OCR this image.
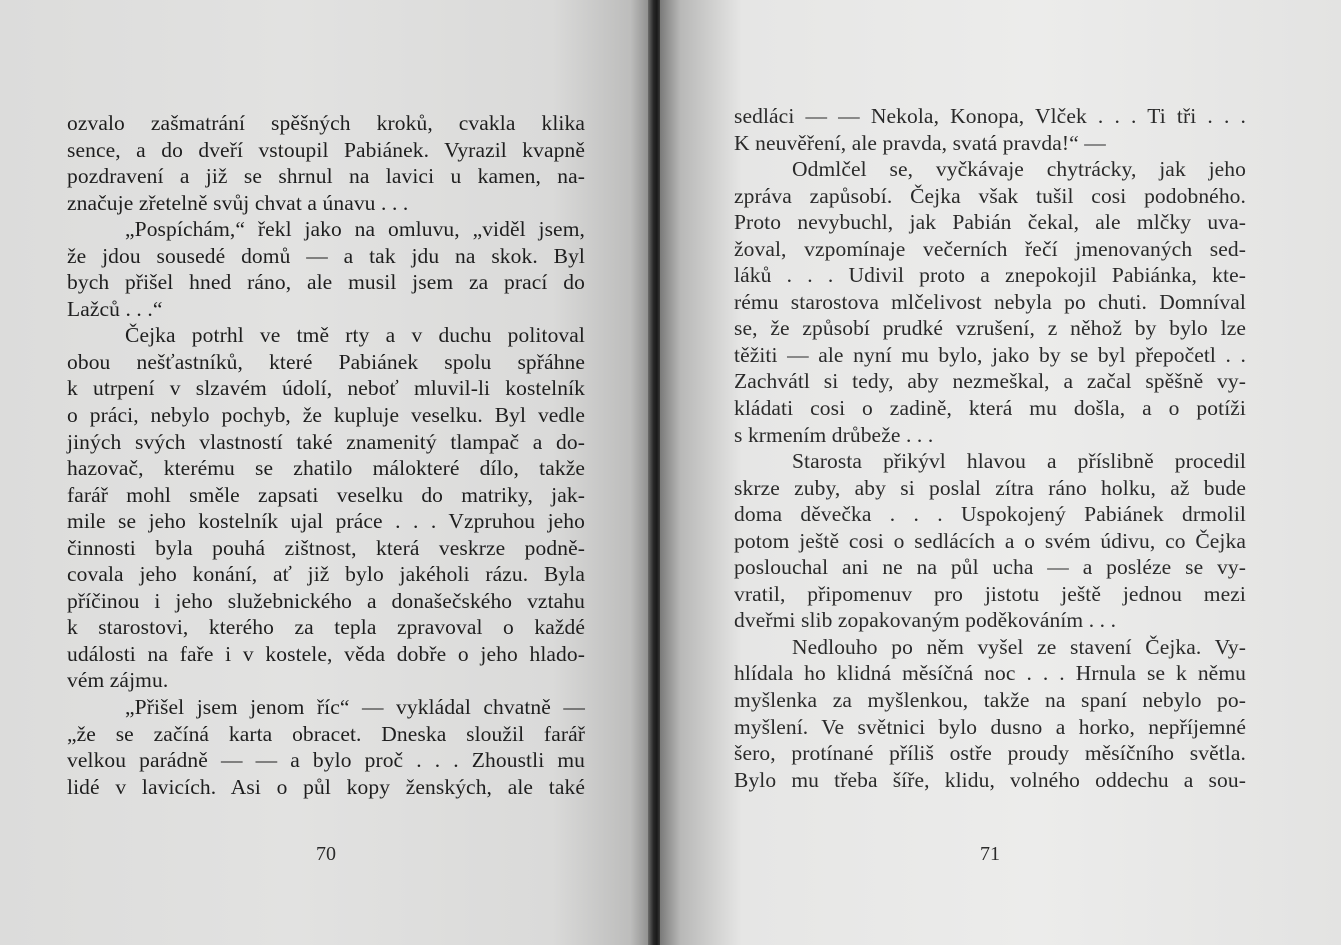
ozvalo zašmatrání spěšných kroků, cvakla klika
sence, a do dveří vstoupil Pabiánek. Vyrazil kvapně
pozdravení a již se shrnul na lavici u kamen, na-
značuje zřetelně svůj chvat a únavu . . .
„Pospíchám,“ řekl jako na omluvu, „viděl jsem,
že jdou sousedé domů — a tak jdu na skok. Byl
bych přišel hned ráno, ale musil jsem za prací do
Lažců . . .“
Čejka potrhl ve tmě rty a v duchu politoval
obou nešťastníků, které Pabiánek spolu spřáhne
k utrpení v slzavém údolí, neboť mluvil-li kostelník
o práci, nebylo pochyb, že kupluje veselku. Byl vedle
jiných svých vlastností také znamenitý tlampač a do-
hazovač, kterému se zhatilo málokteré dílo, takže
farář mohl směle zapsati veselku do matriky, jak-
mile se jeho kostelník ujal práce . . . Vzpruhou jeho
činnosti byla pouhá zištnost, která veskrze podně-
covala jeho konání, ať již bylo jakéholi rázu. Byla
příčinou i jeho služebnického a donašečského vztahu
k starostovi, kterého za tepla zpravoval o každé
události na faře i v kostele, věda dobře o jeho hlado-
vém zájmu.
„Přišel jsem jenom říc“ — vykládal chvatně —
„že se začíná karta obracet. Dneska sloužil farář
velkou parádně — — a bylo proč . . . Zhoustli mu
lidé v lavicích. Asi o půl kopy ženských, ale také
70
sedláci — — Nekola, Konopa, Vlček . . . Ti tři . . .
K neuvěření, ale pravda, svatá pravda!“ —
Odmlčel se, vyčkávaje chytrácky, jak jeho
zpráva zapůsobí. Čejka však tušil cosi podobného.
Proto nevybuchl, jak Pabián čekal, ale mlčky uva-
žoval, vzpomínaje večerních řečí jmenovaných sed-
láků . . . Udivil proto a znepokojil Pabiánka, kte-
rému starostova mlčelivost nebyla po chuti. Domníval
se, že způsobí prudké vzrušení, z něhož by bylo lze
těžiti — ale nyní mu bylo, jako by se byl přepočetl . .
Zachvátl si tedy, aby nezmeškal, a začal spěšně vy-
kládati cosi o zadině, která mu došla, a o potíži
s krmením drůbeže . . .
Starosta přikývl hlavou a příslibně procedil
skrze zuby, aby si poslal zítra ráno holku, až bude
doma děvečka . . . Uspokojený Pabiánek drmolil
potom ještě cosi o sedlácích a o svém údivu, co Čejka
poslouchal ani ne na půl ucha — a posléze se vy-
vratil, připomenuv pro jistotu ještě jednou mezi
dveřmi slib zopakovaným poděkováním . . .
Nedlouho po něm vyšel ze stavení Čejka. Vy-
hlídala ho klidná měsíčná noc . . . Hrnula se k němu
myšlenka za myšlenkou, takže na spaní nebylo po-
myšlení. Ve světnici bylo dusno a horko, nepříjemné
šero, protínané příliš ostře proudy měsíčního světla.
Bylo mu třeba šíře, klidu, volného oddechu a sou-
71
